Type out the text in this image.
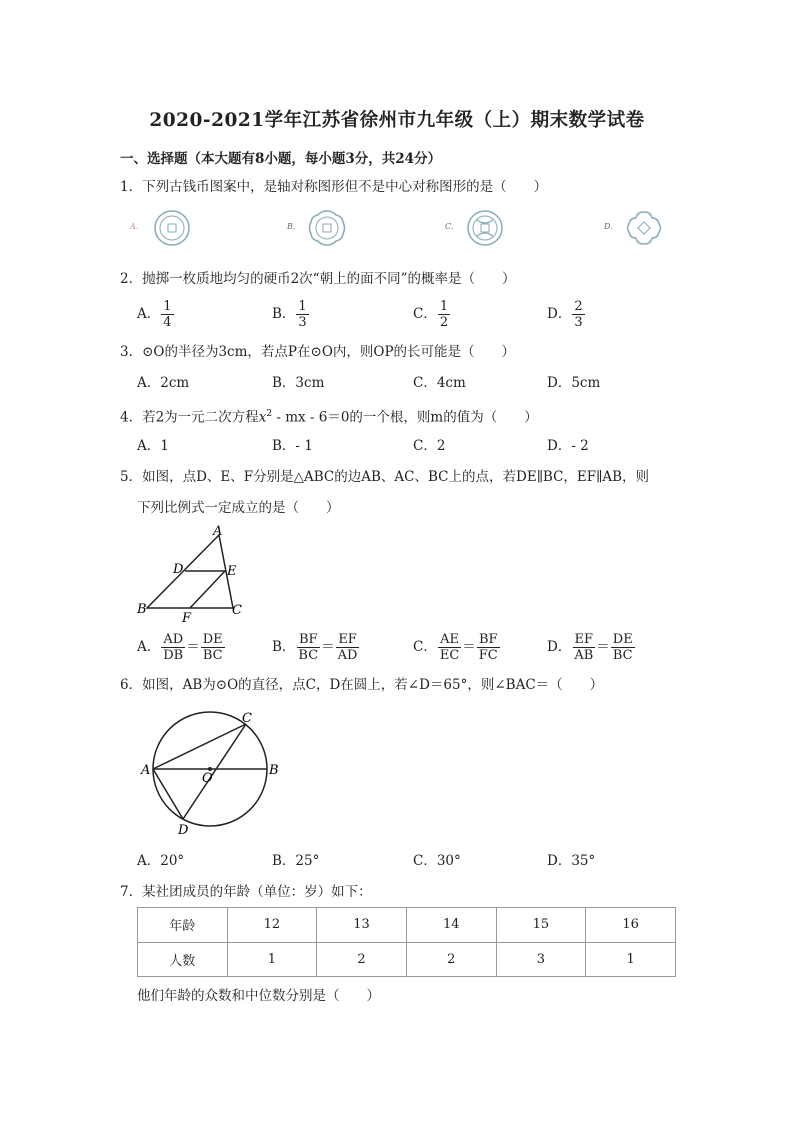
2020-2021学年江苏省徐州市九年级（上）期末数学试卷
一、选择题（本大题有8小题，每小题3分，共24分）
1．下列古钱币图案中，是轴对称图形但不是中心对称图形的是（　　）
A.	B.	C.	D.
2．抛掷一枚质地均匀的硬币2次“朝上的面不同”的概率是（　　）
A． $\frac{1}{4}$	B． $\frac{1}{3}$	C． $\frac{1}{2}$	D． $\frac{2}{3}$
3．⊙O的半径为3cm，若点P在⊙O内，则OP的长可能是（　　）
A．2cm	B．3cm	C．4cm	D．5cm
4．若2为一元二次方程$x^2$ - mx - 6＝0的一个根，则m的值为（　　）
A．1	B．- 1	C．2	D．- 2
5．如图，点D、E、F分别是△ABC的边AB、AC、BC上的点，若DE∥BC，EF∥AB，则
下列比例式一定成立的是（　　）
A
D	E
B
F
C
A． $\frac{AD}{DB} = \frac{DE}{BC}$	B． $\frac{BF}{BC} = \frac{EF}{AD}$	C． $\frac{AE}{EC} = \frac{BF}{FC}$	D． $\frac{EF}{AB} = \frac{DE}{BC}$
6．如图，AB为⊙O的直径，点C，D在圆上，若∠D＝65°，则∠BAC＝（　　）
C
A
O
B
D
A．20°	B．25°	C．30°	D．35°
7．某社团成员的年龄（单位：岁）如下：
年龄	12	13	14	15	16
人数	1	2	2	3	1
他们年龄的众数和中位数分别是（　　）
